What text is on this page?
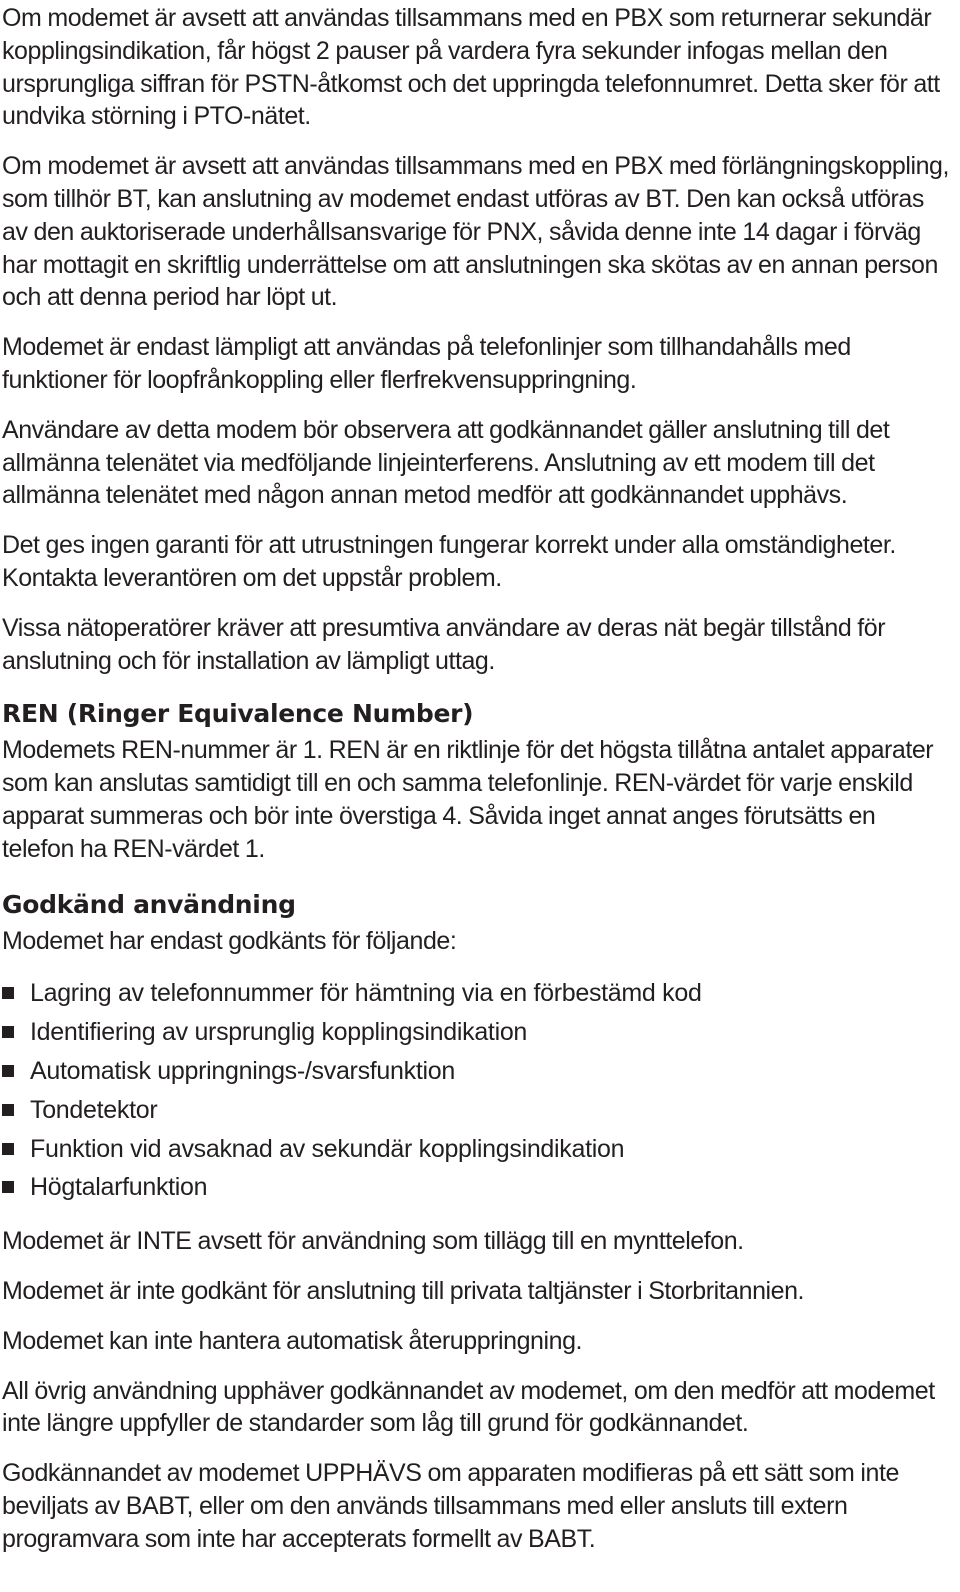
Om modemet är avsett att användas tillsammans med en PBX som returnerar sekundär kopplingsindikation, får högst 2 pauser på vardera fyra sekunder infogas mellan den ursprungliga siffran för PSTN-åtkomst och det uppringda telefonnumret. Detta sker för att undvika störning i PTO-nätet.

Om modemet är avsett att användas tillsammans med en PBX med förlängningskoppling, som tillhör BT, kan anslutning av modemet endast utföras av BT. Den kan också utföras av den auktoriserade underhållsansvarige för PNX, såvida denne inte 14 dagar i förväg har mottagit en skriftlig underrättelse om att anslutningen ska skötas av en annan person och att denna period har löpt ut.

Modemet är endast lämpligt att användas på telefonlinjer som tillhandahålls med funktioner för loopfrånkoppling eller flerfrekvensuppringning.

Användare av detta modem bör observera att godkännandet gäller anslutning till det allmänna telenätet via medföljande linjeinterferens. Anslutning av ett modem till det allmänna telenätet med någon annan metod medför att godkännandet upphävs.

Det ges ingen garanti för att utrustningen fungerar korrekt under alla omständigheter. Kontakta leverantören om det uppstår problem.

Vissa nätoperatörer kräver att presumtiva användare av deras nät begär tillstånd för anslutning och för installation av lämpligt uttag.

REN (Ringer Equivalence Number)

Modemets REN-nummer är 1. REN är en riktlinje för det högsta tillåtna antalet apparater som kan anslutas samtidigt till en och samma telefonlinje. REN-värdet för varje enskild apparat summeras och bör inte överstiga 4. Såvida inget annat anges förutsätts en telefon ha REN-värdet 1.

Godkänd användning

Modemet har endast godkänts för följande:

Lagring av telefonnummer för hämtning via en förbestämd kod
Identifiering av ursprunglig kopplingsindikation
Automatisk uppringnings-/svarsfunktion
Tondetektor
Funktion vid avsaknad av sekundär kopplingsindikation
Högtalarfunktion

Modemet är INTE avsett för användning som tillägg till en mynttelefon.

Modemet är inte godkänt för anslutning till privata taltjänster i Storbritannien.

Modemet kan inte hantera automatisk återuppringning.

All övrig användning upphäver godkännandet av modemet, om den medför att modemet inte längre uppfyller de standarder som låg till grund för godkännandet.

Godkännandet av modemet UPPHÄVS om apparaten modifieras på ett sätt som inte beviljats av BABT, eller om den används tillsammans med eller ansluts till extern programvara som inte har accepterats formellt av BABT.
